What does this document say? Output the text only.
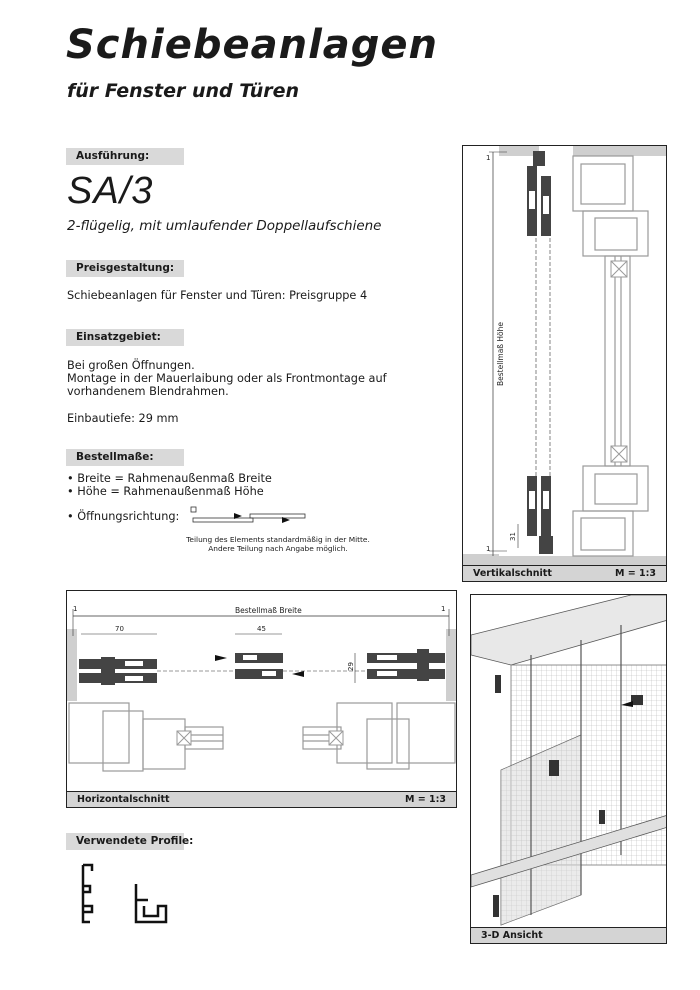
Schiebeanlagen
für Fenster und Türen
Ausführung:
SA/3
2-flügelig, mit umlaufender Doppellaufschiene
Preisgestaltung:
Schiebeanlagen für Fenster und Türen: Preisgruppe 4
Einsatzgebiet:
Bei großen Öffnungen.
Montage in der Mauerlaibung oder als Frontmontage auf
vorhandenem Blendrahmen.
Einbautiefe: 29 mm
Bestellmaße:
• Breite = Rahmenaußenmaß Breite
• Höhe = Rahmenaußenmaß Höhe
• Öffnungsrichtung:
Teilung des Elements standardmäßig in der Mitte.
Andere Teilung nach Angabe möglich.
Verwendete Profile:
1
1
Bestellmaß Höhe
31
Vertikalschnitt	M = 1:3
1	1
Bestellmaß Breite
70	45
29
Horizontalschnitt	M = 1:3
3-D Ansicht
